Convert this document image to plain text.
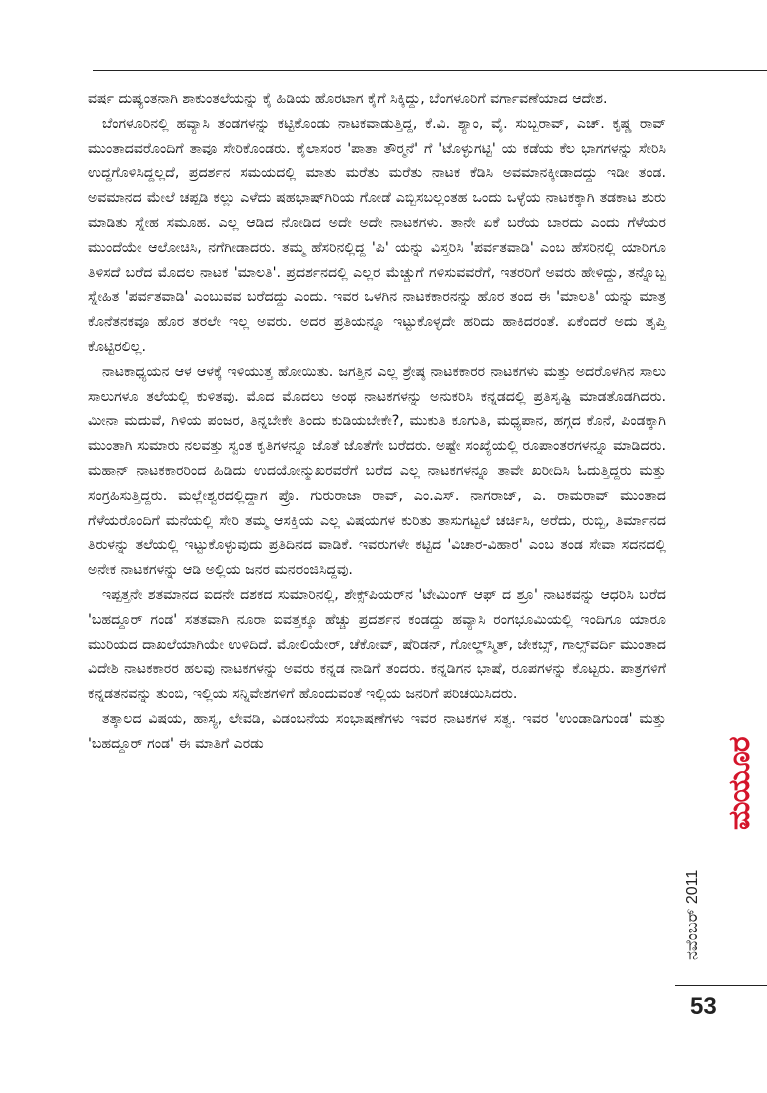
ವರ್ಷ ದುಷ್ಯಂತನಾಗಿ ಶಾಕುಂತಲೆಯನ್ನು ಕೈ ಹಿಡಿಯ ಹೊರಟಾಗ ಕೈಗೆ ಸಿಕ್ಕಿದ್ದು, ಬೆಂಗಳೂರಿಗೆ ವರ್ಗಾವಣೆಯಾದ ಆದೇಶ.

ಬೆಂಗಳೂರಿನಲ್ಲಿ ಹವ್ಯಾಸಿ ತಂಡಗಳನ್ನು ಕಟ್ಟಿಕೊಂಡು ನಾಟಕವಾಡುತ್ತಿದ್ದ, ಕೆ.ವಿ. ಶ್ಯಾಂ, ವೈ. ಸುಬ್ಬರಾವ್, ಎಚ್. ಕೃಷ್ಣ ರಾವ್ ಮುಂತಾದವರೊಂದಿಗೆ ತಾವೂ ಸೇರಿಕೊಂಡರು. ಕೈಲಾಸಂರ 'ಪಾತಾ ತೌರ್‍ಮನೆ' ಗೆ 'ಟೊಳ್ಳುಗಟ್ಟಿ' ಯ ಕಡೆಯ ಕೆಲ ಭಾಗಗಳನ್ನು ಸೇರಿಸಿ ಉದ್ದಗೊಳಿಸಿದ್ದಲ್ಲದೆ, ಪ್ರದರ್ಶನ ಸಮಯದಲ್ಲಿ ಮಾತು ಮರೆತು ಮರೆತು ನಾಟಕ ಕೆಡಿಸಿ ಅವಮಾನಕ್ಕೀಡಾದದ್ದು ಇಡೀ ತಂಡ. ಅವಮಾನದ ಮೇಲೆ ಚಪ್ಪಡಿ ಕಲ್ಲು ಎಳೆದು ಷಹಭಾಷ್‌ಗಿರಿಯ ಗೋಡೆ ಎಬ್ಬಿಸಬಲ್ಲಂತಹ ಒಂದು ಒಳ್ಳೆಯ ನಾಟಕಕ್ಕಾಗಿ ತಡಕಾಟ ಶುರು ಮಾಡಿತು ಸ್ನೇಹ ಸಮೂಹ. ಎಲ್ಲ ಆಡಿದ ನೋಡಿದ ಅದೇ ಅದೇ ನಾಟಕಗಳು. ತಾನೇ ಏಕೆ ಬರೆಯ ಬಾರದು ಎಂದು ಗೆಳೆಯರ ಮುಂದೆಯೇ ಆಲೋಚಿಸಿ, ನಗೆಗೀಡಾದರು. ತಮ್ಮ ಹೆಸರಿನಲ್ಲಿದ್ದ 'ಪಿ' ಯನ್ನು ವಿಸ್ತರಿಸಿ 'ಪರ್ವತವಾಡಿ' ಎಂಬ ಹೆಸರಿನಲ್ಲಿ ಯಾರಿಗೂ ತಿಳಿಸದೆ ಬರೆದ ಮೊದಲ ನಾಟಕ 'ಮಾಲತಿ'. ಪ್ರದರ್ಶನದಲ್ಲಿ ಎಲ್ಲರ ಮೆಚ್ಚುಗೆ ಗಳಿಸುವವರೆಗೆ, ಇತರರಿಗೆ ಅವರು ಹೇಳಿದ್ದು, ತನ್ನೊಬ್ಬ ಸ್ನೇಹಿತ 'ಪರ್ವತವಾಡಿ' ಎಂಬುವವ ಬರೆದದ್ದು ಎಂದು. ಇವರ ಒಳಗಿನ ನಾಟಕಕಾರನನ್ನು ಹೊರ ತಂದ ಈ 'ಮಾಲತಿ' ಯನ್ನು ಮಾತ್ರ ಕೊನೆತನಕವೂ ಹೊರ ತರಲೇ ಇಲ್ಲ ಅವರು. ಅದರ ಪ್ರತಿಯನ್ನೂ ಇಟ್ಟುಕೊಳ್ಳದೇ ಹರಿದು ಹಾಕಿದರಂತೆ. ಏಕೆಂದರೆ ಅದು ತೃಪ್ತಿ ಕೊಟ್ಟಿರಲಿಲ್ಲ.

ನಾಟಕಾಧ್ಯಯನ ಆಳ ಆಳಕ್ಕೆ ಇಳಿಯುತ್ತ ಹೋಯಿತು. ಜಗತ್ತಿನ ಎಲ್ಲ ಶ್ರೇಷ್ಠ ನಾಟಕಕಾರರ ನಾಟಕಗಳು ಮತ್ತು ಅದರೊಳಗಿನ ಸಾಲು ಸಾಲುಗಳೂ ತಲೆಯಲ್ಲಿ ಕುಳಿತವು. ಮೊದ ಮೊದಲು ಅಂಥ ನಾಟಕಗಳನ್ನು ಅನುಕರಿಸಿ ಕನ್ನಡದಲ್ಲಿ ಪ್ರತಿಸೃಷ್ಟಿ ಮಾಡತೊಡಗಿದರು. ಮೀನಾ ಮದುವೆ, ಗಿಳಿಯ ಪಂಜರ, ತಿನ್ನಬೇಕೇ ತಿಂದು ಕುಡಿಯಬೇಕೇ?, ಮುಕುತಿ ಕೂಗುತಿ, ಮಧ್ಯಪಾನ, ಹಗ್ಗದ ಕೊನೆ, ಪಿಂಡಕ್ಕಾಗಿ ಮುಂತಾಗಿ ಸುಮಾರು ನಲವತ್ತು ಸ್ವಂತ ಕೃತಿಗಳನ್ನೂ ಜೊತೆ ಜೊತೆಗೇ ಬರೆದರು. ಅಷ್ಟೇ ಸಂಖ್ಯೆಯಲ್ಲಿ ರೂಪಾಂತರಗಳನ್ನೂ ಮಾಡಿದರು. ಮಹಾನ್ ನಾಟಕಕಾರರಿಂದ ಹಿಡಿದು ಉದಯೋನ್ಮುಖರವರೆಗೆ ಬರೆದ ಎಲ್ಲ ನಾಟಕಗಳನ್ನೂ ತಾವೇ ಖರೀದಿಸಿ ಓದುತ್ತಿದ್ದರು ಮತ್ತು ಸಂಗ್ರಹಿಸುತ್ತಿದ್ದರು. ಮಲ್ಲೇಶ್ವರದಲ್ಲಿದ್ದಾಗ ಪ್ರೊ. ಗುರುರಾಜಾ ರಾವ್, ಎಂ.ಎಸ್. ನಾಗರಾಜ್, ಎ. ರಾಮರಾವ್ ಮುಂತಾದ ಗೆಳೆಯರೊಂದಿಗೆ ಮನೆಯಲ್ಲಿ ಸೇರಿ ತಮ್ಮ ಆಸಕ್ತಿಯ ಎಲ್ಲ ವಿಷಯಗಳ ಕುರಿತು ತಾಸುಗಟ್ಟಲೆ ಚರ್ಚಿಸಿ, ಅರೆದು, ರುಬ್ಬಿ, ತಿರ್ಮಾನದ ತಿರುಳನ್ನು ತಲೆಯಲ್ಲಿ ಇಟ್ಟುಕೊಳ್ಳುವುದು ಪ್ರತಿದಿನದ ವಾಡಿಕೆ. ಇವರುಗಳೇ ಕಟ್ಟಿದ 'ವಿಚಾರ-ವಿಹಾರ' ಎಂಬ ತಂಡ ಸೇವಾ ಸದನದಲ್ಲಿ ಅನೇಕ ನಾಟಕಗಳನ್ನು ಆಡಿ ಅಲ್ಲಿಯ ಜನರ ಮನರಂಜಿಸಿದ್ದವು.

ಇಪ್ಪತ್ತನೇ ಶತಮಾನದ ಐದನೇ ದಶಕದ ಸುಮಾರಿನಲ್ಲಿ, ಶೇಕ್ಸ್‌ಪಿಯರ್‌ನ 'ಟೇಮಿಂಗ್ ಆಫ್ ದ ಶ್ರೂ' ನಾಟಕವನ್ನು ಆಧರಿಸಿ ಬರೆದ 'ಬಹದ್ದೂರ್ ಗಂಡ' ಸತತವಾಗಿ ನೂರಾ ಐವತ್ತಕ್ಕೂ ಹೆಚ್ಚು ಪ್ರದರ್ಶನ ಕಂಡದ್ದು ಹವ್ಯಾಸಿ ರಂಗಭೂಮಿಯಲ್ಲಿ ಇಂದಿಗೂ ಯಾರೂ ಮುರಿಯದ ದಾಖಲೆಯಾಗಿಯೇ ಉಳಿದಿದೆ. ಮೋಲಿಯೇರ್, ಚೆಕೋವ್, ಷೆರಿಡನ್, ಗೋಲ್ಡ್‌ಸ್ಮಿತ್, ಜೇಕಬ್ಸ್, ಗಾಲ್ಸ್‌ವರ್ದಿ ಮುಂತಾದ ವಿದೇಶಿ ನಾಟಕಕಾರರ ಹಲವು ನಾಟಕಗಳನ್ನು ಅವರು ಕನ್ನಡ ನಾಡಿಗೆ ತಂದರು. ಕನ್ನಡಿಗನ ಭಾಷೆ, ರೂಪಗಳನ್ನು ಕೊಟ್ಟರು. ಪಾತ್ರಗಳಿಗೆ ಕನ್ನಡತನವನ್ನು ತುಂಬಿ, ಇಲ್ಲಿಯ ಸನ್ನಿವೇಶಗಳಿಗೆ ಹೊಂದುವಂತೆ ಇಲ್ಲಿಯ ಜನರಿಗೆ ಪರಿಚಯಿಸಿದರು.

ತತ್ಕಾಲದ ವಿಷಯ, ಹಾಸ್ಯ, ಲೇವಡಿ, ವಿಡಂಬನೆಯ ಸಂಭಾಷಣೆಗಳು ಇವರ ನಾಟಕಗಳ ಸತ್ವ. ಇವರ 'ಉಂಡಾಡಿಗುಂಡ' ಮತ್ತು 'ಬಹದ್ದೂರ್ ಗಂಡ' ಈ ಮಾತಿಗೆ ಎರಡು	ಮಯೂರ
ನವೆಂಬರ್ 2011
53
